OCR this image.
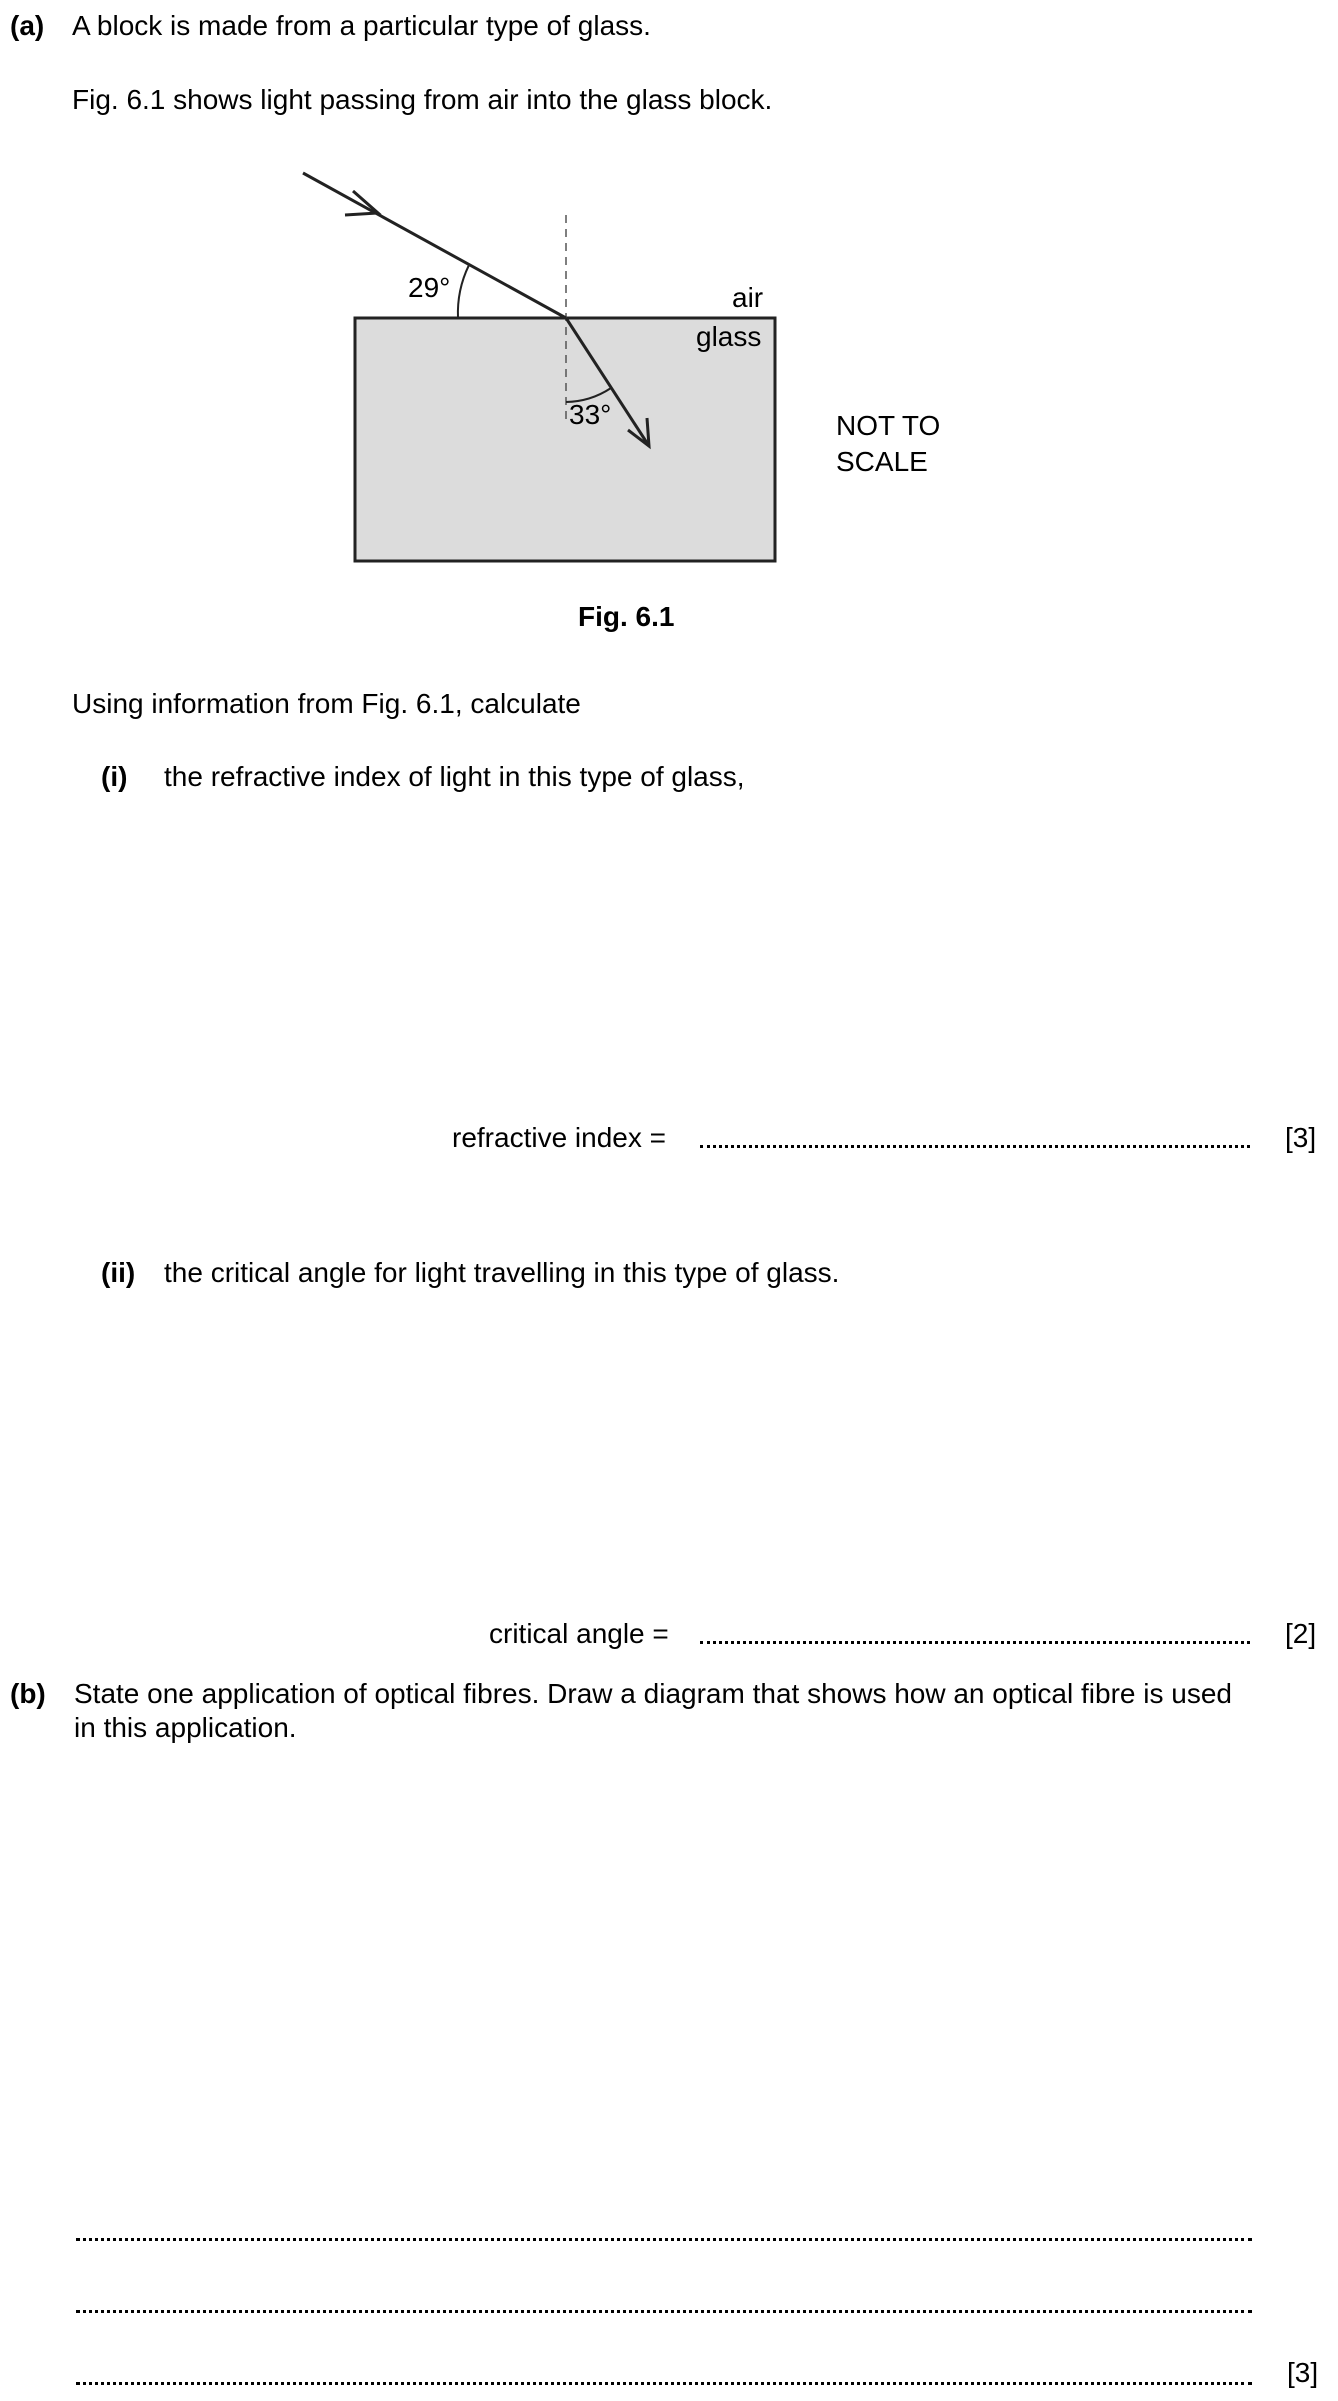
(a) A block is made from a particular type of glass.
Fig. 6.1 shows light passing from air into the glass block.
29°
33°
air
glass
NOT TO
SCALE
Fig. 6.1
Using information from Fig. 6.1, calculate
(i) the refractive index of light in this type of glass,
refractive index =	[3]
(ii) the critical angle for light travelling in this type of glass.
critical angle =	[2]
(b) State one application of optical fibres. Draw a diagram that shows how an optical fibre is used
in this application.
[3]
